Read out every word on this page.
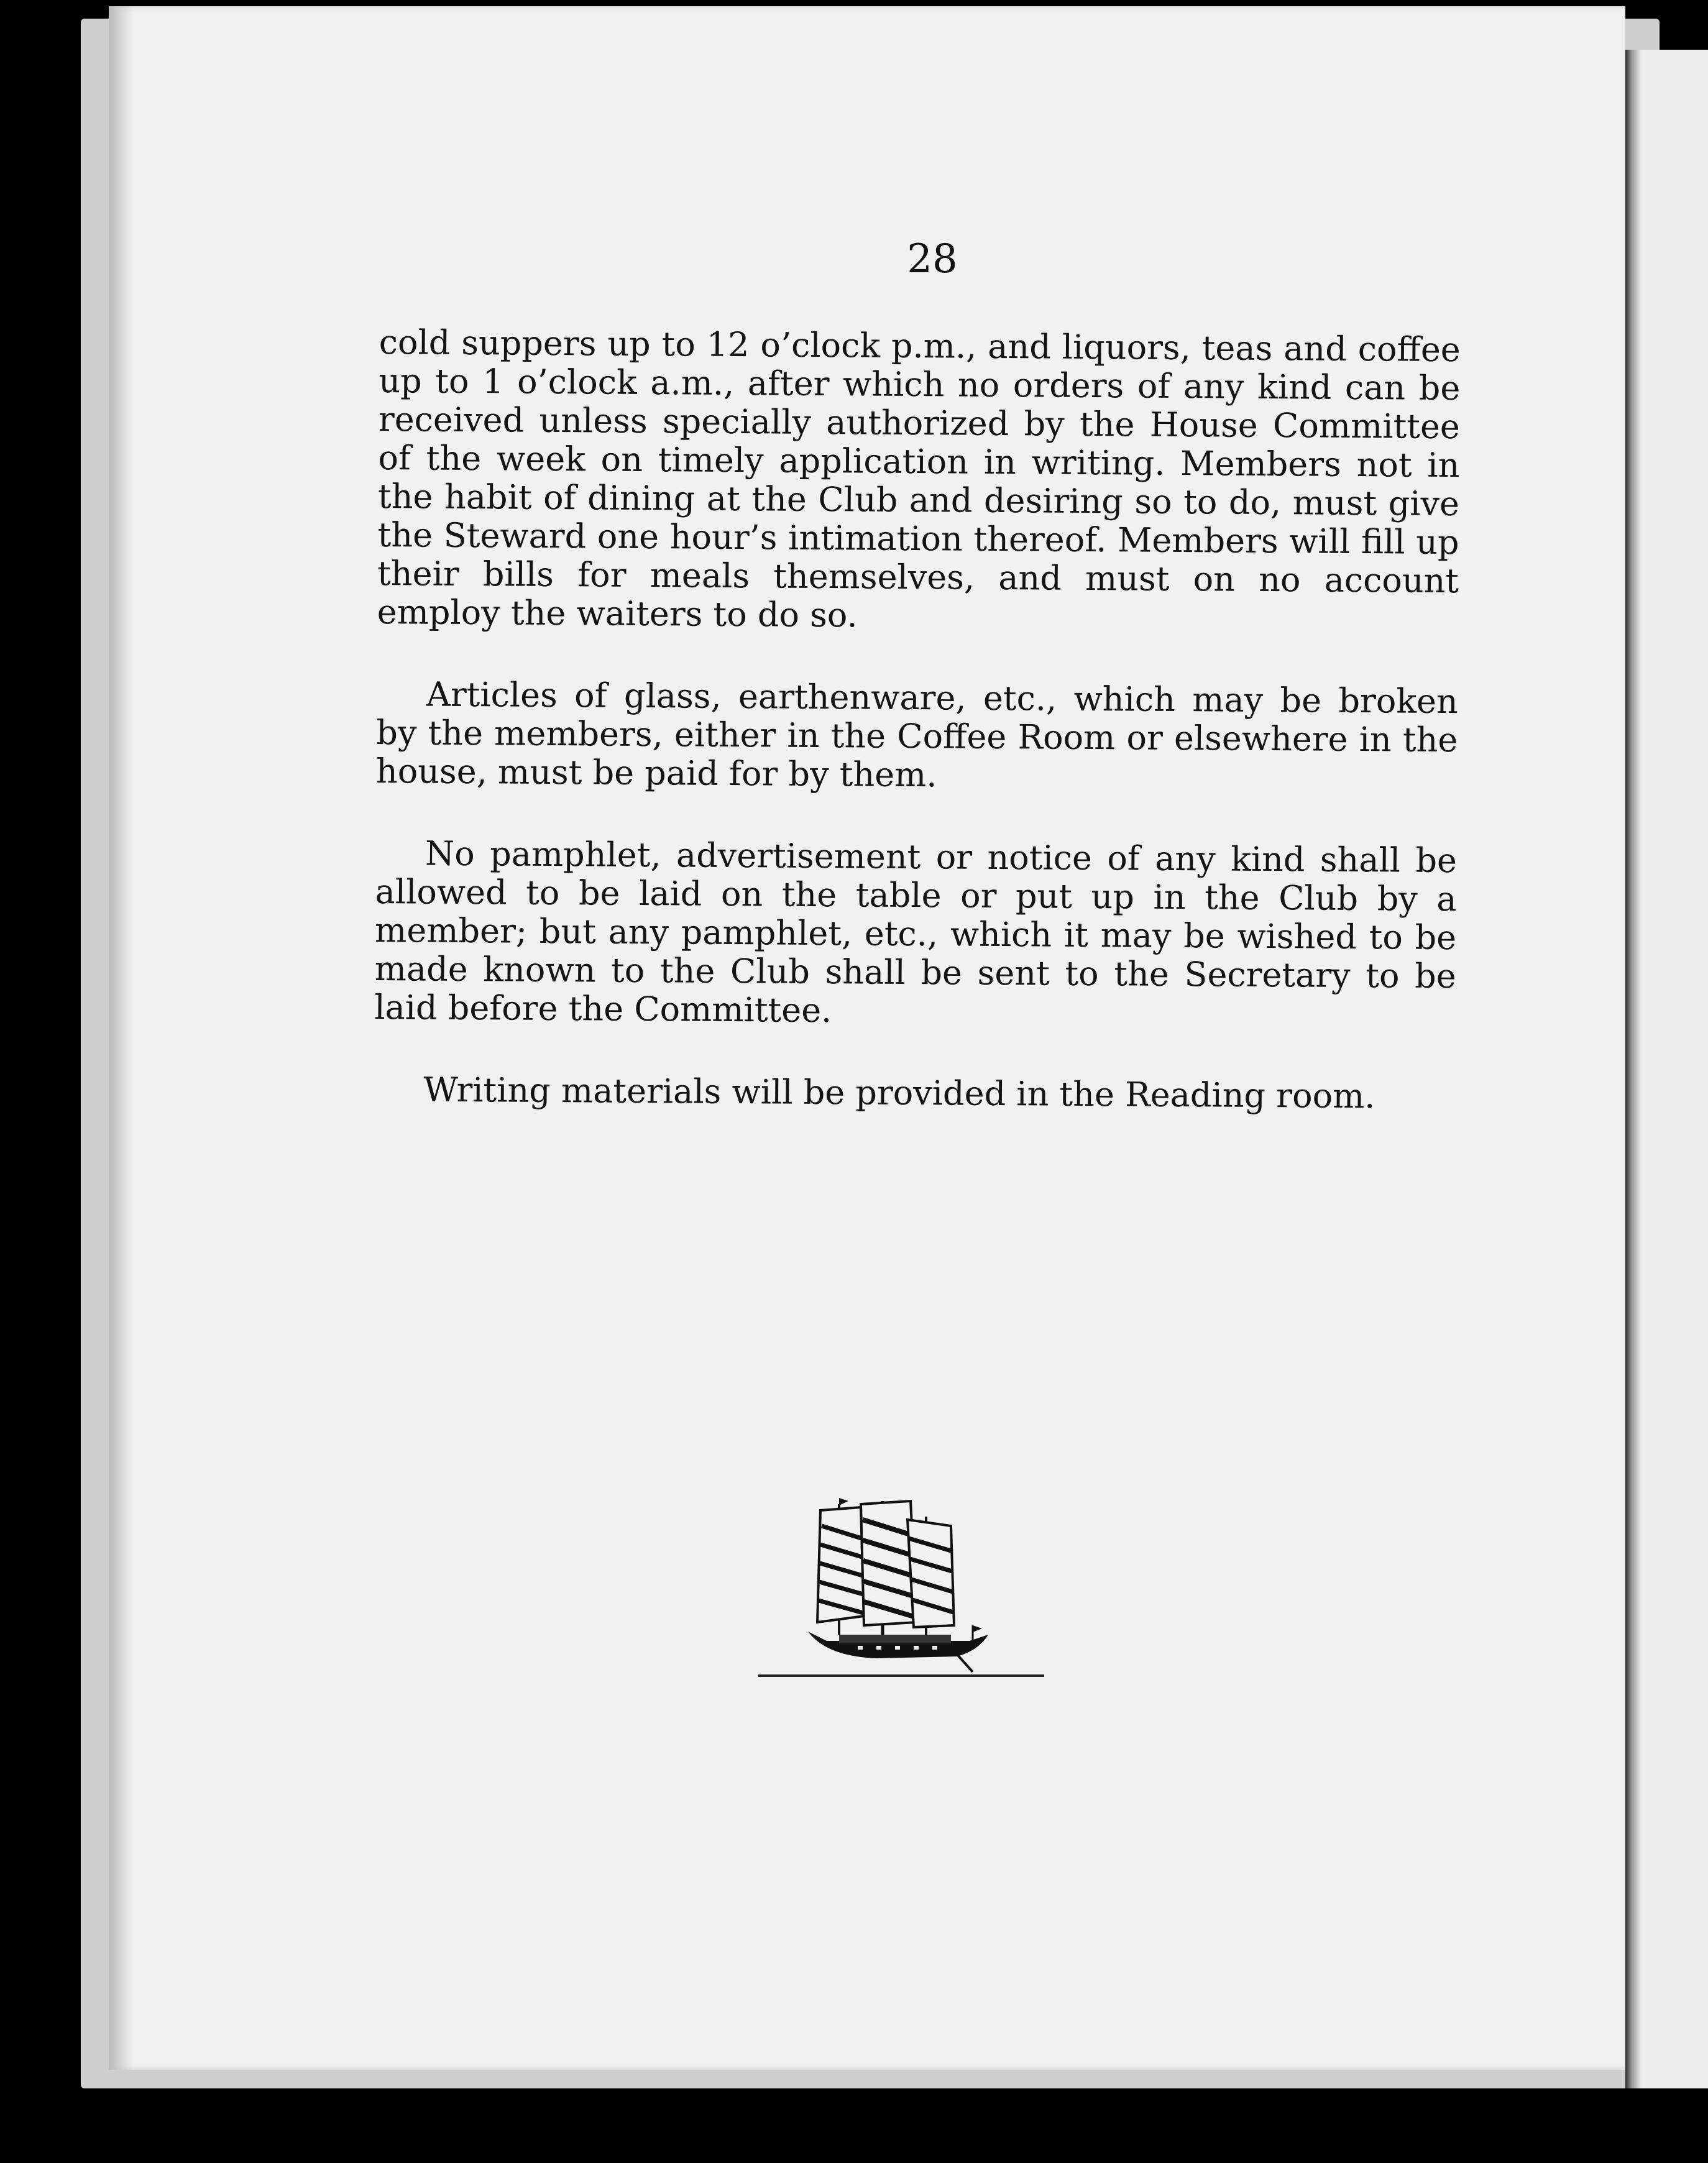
28

cold suppers up to 12 o’clock p.m., and liquors, teas and coffee up to 1 o’clock a.m., after which no orders of any kind can be received unless specially authorized by the House Committee of the week on timely application in writing. Members not in the habit of dining at the Club and desiring so to do, must give the Steward one hour’s intimation thereof. Members will fill up their bills for meals themselves, and must on no account employ the waiters to do so.

Articles of glass, earthenware, etc., which may be broken by the members, either in the Coffee Room or elsewhere in the house, must be paid for by them.

No pamphlet, advertisement or notice of any kind shall be allowed to be laid on the table or put up in the Club by a member; but any pamphlet, etc., which it may be wished to be made known to the Club shall be sent to the Secretary to be laid before the Committee.

Writing materials will be provided in the Reading room.
